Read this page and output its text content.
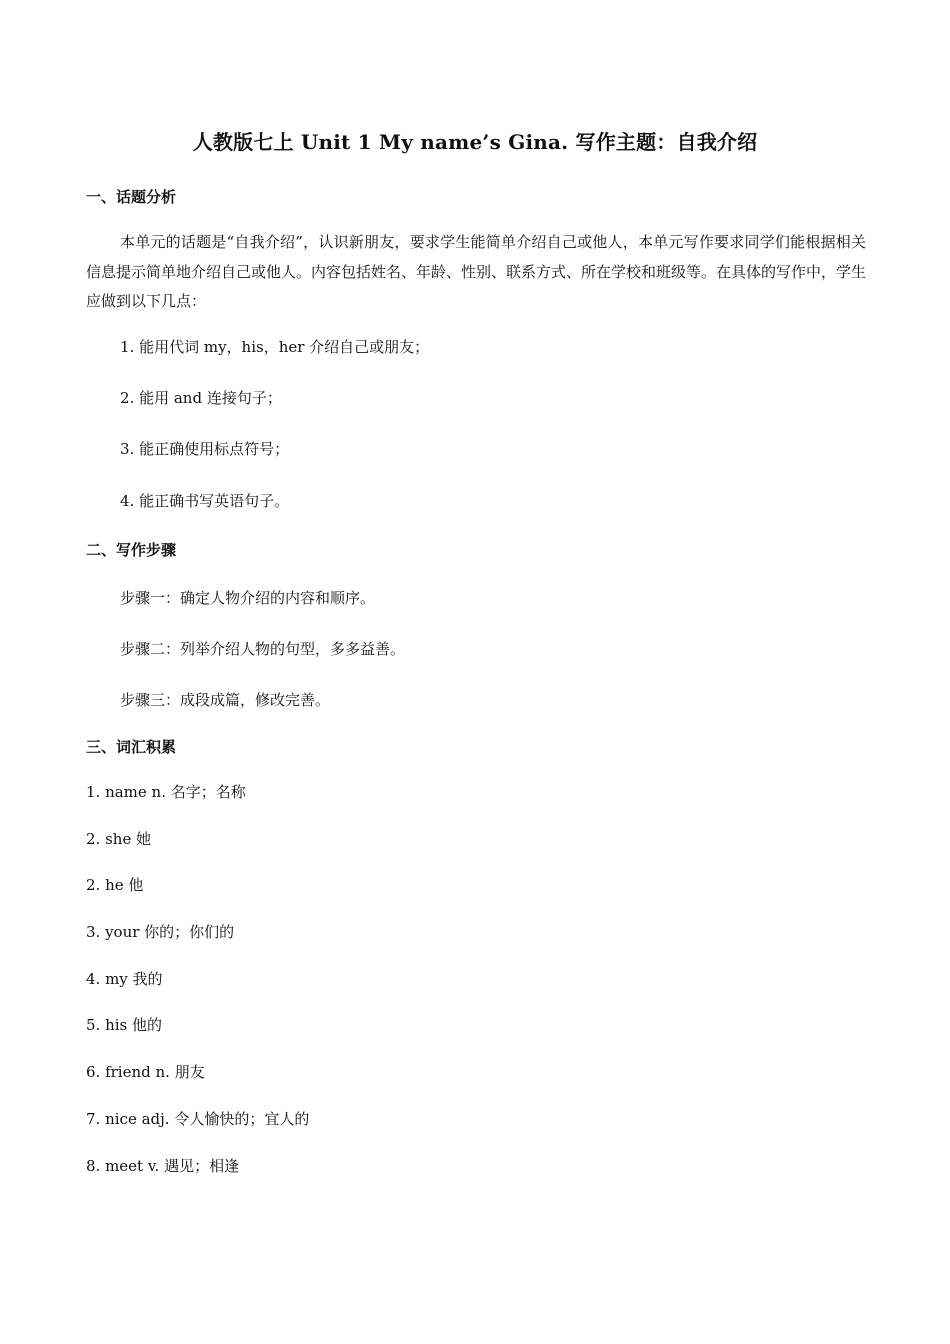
人教版七上 Unit 1 My name’s Gina. 写作主题：自我介绍
一、话题分析
本单元的话题是“自我介绍”，认识新朋友，要求学生能简单介绍自己或他人，本单元写作要求同学们能根据相关信息提示简单地介绍自己或他人。内容包括姓名、年龄、性别、联系方式、所在学校和班级等。在具体的写作中，学生应做到以下几点：
1. 能用代词 my，his，her 介绍自己或朋友；
2. 能用 and 连接句子；
3. 能正确使用标点符号；
4. 能正确书写英语句子。
二、写作步骤
步骤一：确定人物介绍的内容和顺序。
步骤二：列举介绍人物的句型，多多益善。
步骤三：成段成篇，修改完善。
三、词汇积累
1. name n. 名字；名称
2. she 她
2. he 他
3. your 你的；你们的
4. my 我的
5. his 他的
6. friend n. 朋友
7. nice adj. 令人愉快的；宜人的
8. meet v. 遇见；相逢
